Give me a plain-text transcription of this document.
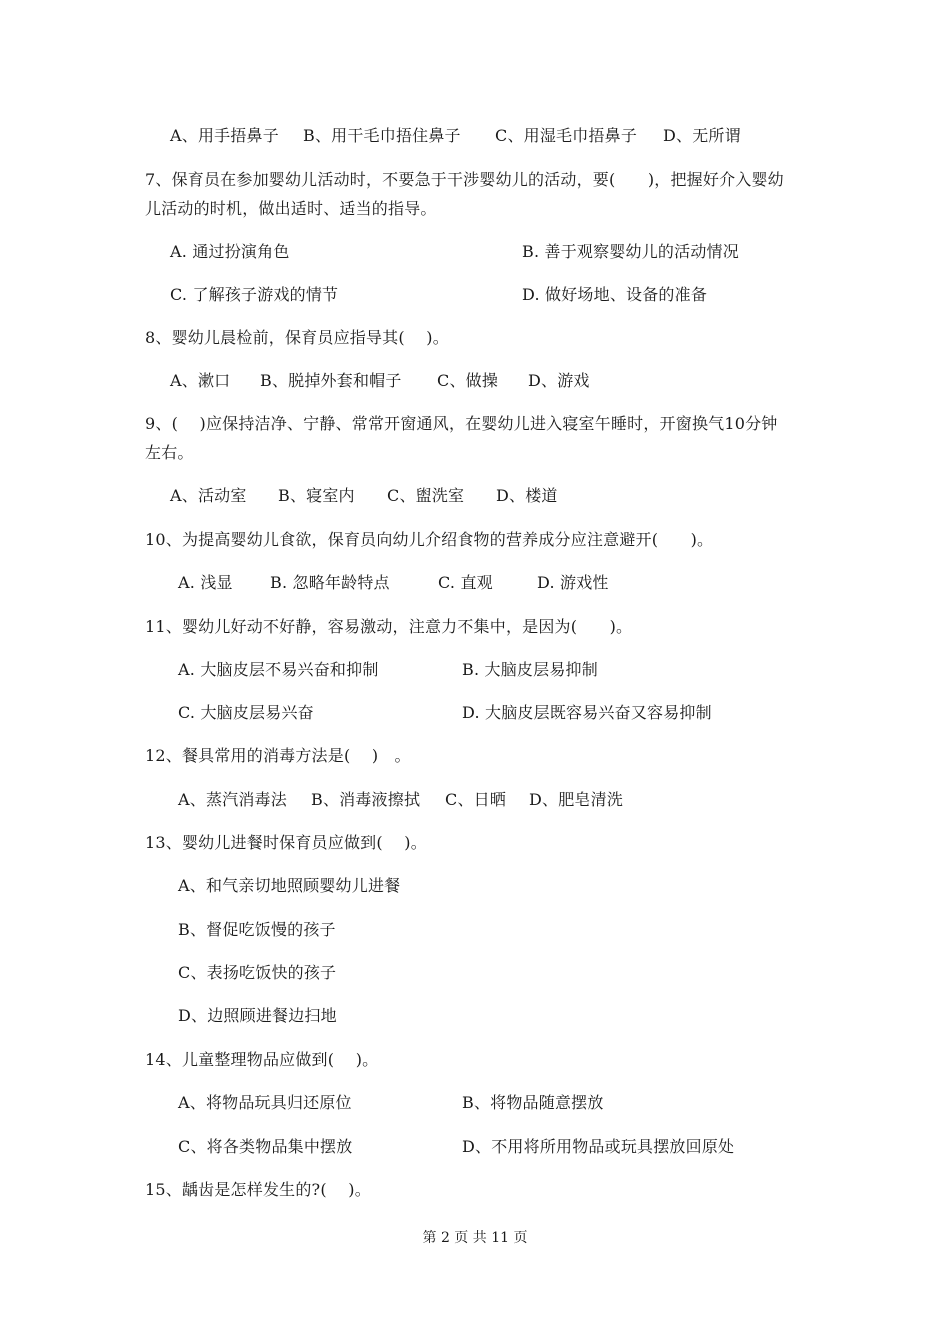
A、用手捂鼻子 B、用干毛巾捂住鼻子 C、用湿毛巾捂鼻子 D、无所谓
7、保育员在参加婴幼儿活动时，不要急于干涉婴幼儿的活动，要(　　)，把握好介入婴幼
儿活动的时机，做出适时、适当的指导。
A. 通过扮演角色	B. 善于观察婴幼儿的活动情况
C. 了解孩子游戏的情节	D. 做好场地、设备的准备
8、婴幼儿晨检前，保育员应指导其(　 )。
A、漱口 B、脱掉外套和帽子 C、做操 D、游戏
9、(　 )应保持洁净、宁静、常常开窗通风，在婴幼儿进入寝室午睡时，开窗换气10分钟
左右。
A、活动室 B、寝室内 C、盥洗室 D、楼道
10、为提高婴幼儿食欲，保育员向幼儿介绍食物的营养成分应注意避开(　　)。
A. 浅显 B. 忽略年龄特点	C. 直观	D. 游戏性
11、婴幼儿好动不好静，容易激动，注意力不集中，是因为(　　)。
A. 大脑皮层不易兴奋和抑制	B. 大脑皮层易抑制
C. 大脑皮层易兴奋	D. 大脑皮层既容易兴奋又容易抑制
12、餐具常用的消毒方法是(　 )　。
A、蒸汽消毒法 B、消毒液擦拭 C、日晒 D、肥皂清洗
13、婴幼儿进餐时保育员应做到(　 )。
A、和气亲切地照顾婴幼儿进餐
B、督促吃饭慢的孩子
C、表扬吃饭快的孩子
D、边照顾进餐边扫地
14、儿童整理物品应做到(　 )。
A、将物品玩具归还原位	B、将物品随意摆放
C、将各类物品集中摆放	D、不用将所用物品或玩具摆放回原处
15、龋齿是怎样发生的?(　 )。
第 2 页 共 11 页
